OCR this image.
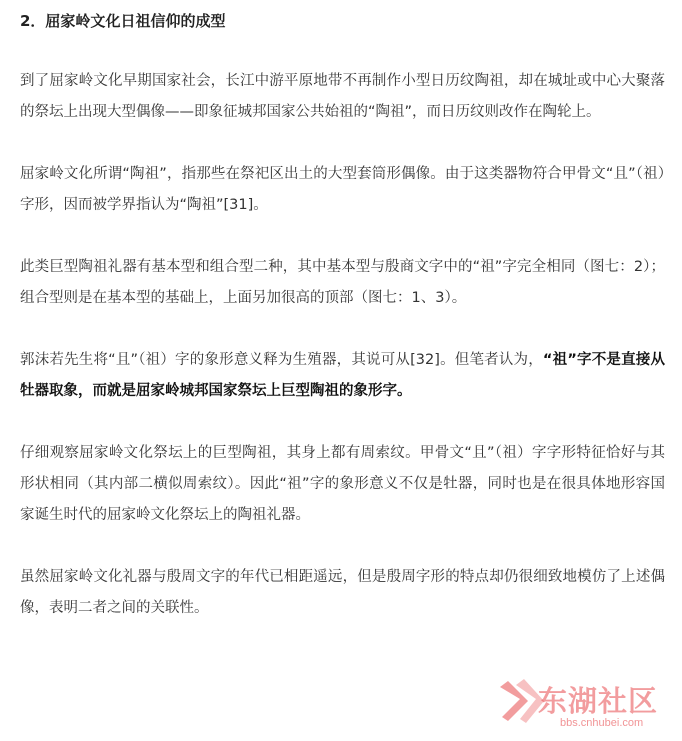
2．屈家岭文化日祖信仰的成型

到了屈家岭文化早期国家社会，长江中游平原地带不再制作小型日历纹陶祖，却在城址或中心大聚落的祭坛上出现大型偶像——即象征城邦国家公共始祖的“陶祖”，而日历纹则改作在陶轮上。

屈家岭文化所谓“陶祖”，指那些在祭祀区出土的大型套筒形偶像。由于这类器物符合甲骨文“且”（祖）字形，因而被学界指认为“陶祖”[31]。

此类巨型陶祖礼器有基本型和组合型二种，其中基本型与殷商文字中的“祖”字完全相同（图七：2）；组合型则是在基本型的基础上，上面另加很高的顶部（图七：1、3）。

郭沫若先生将“且”（祖）字的象形意义释为生殖器，其说可从[32]。但笔者认为，“祖”字不是直接从牡器取象，而就是屈家岭城邦国家祭坛上巨型陶祖的象形字。

仔细观察屈家岭文化祭坛上的巨型陶祖，其身上都有周索纹。甲骨文“且”（祖）字字形特征恰好与其形状相同（其内部二横似周索纹）。因此“祖”字的象形意义不仅是牡器，同时也是在很具体地形容国家诞生时代的屈家岭文化祭坛上的陶祖礼器。

虽然屈家岭文化礼器与殷周文字的年代已相距遥远，但是殷周字形的特点却仍很细致地模仿了上述偶像，表明二者之间的关联性。

东湖社区
bbs.cnhubei.com
